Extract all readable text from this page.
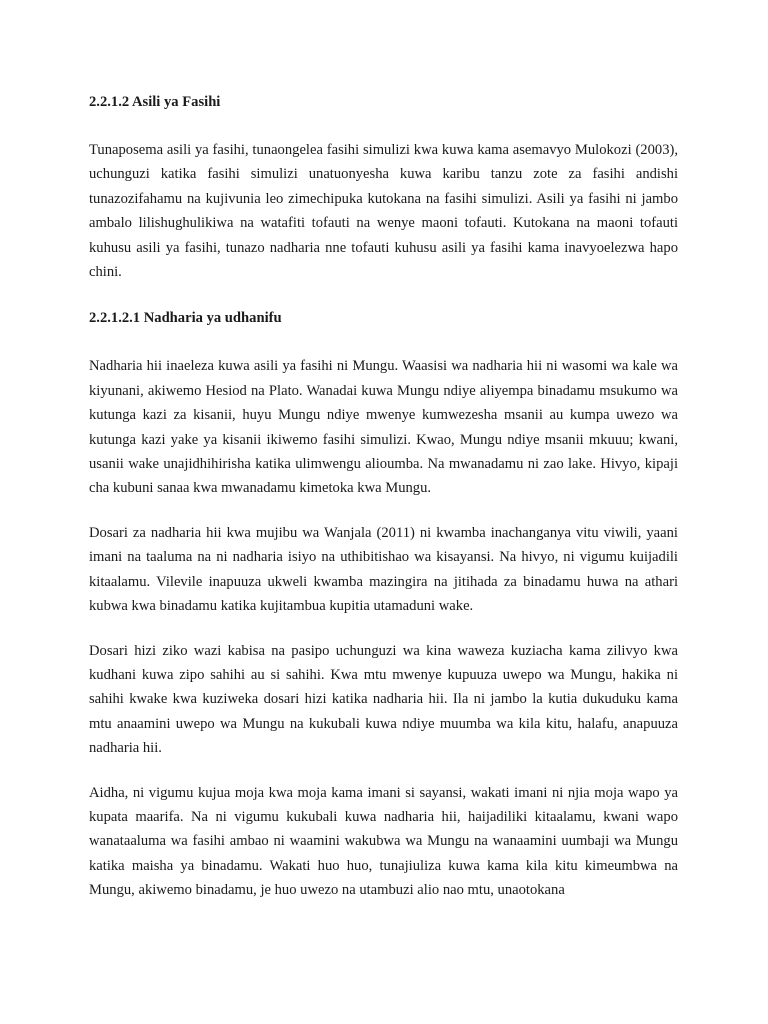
2.2.1.2 Asili ya Fasihi

Tunaposema asili ya fasihi, tunaongelea fasihi simulizi kwa kuwa kama asemavyo Mulokozi (2003), uchunguzi katika fasihi simulizi unatuonyesha kuwa karibu tanzu zote za fasihi andishi tunazozifahamu na kujivunia leo zimechipuka kutokana na fasihi simulizi. Asili ya fasihi ni jambo ambalo lilishughulikiwa na watafiti tofauti na wenye maoni tofauti. Kutokana na maoni tofauti kuhusu asili ya fasihi, tunazo nadharia nne tofauti kuhusu asili ya fasihi kama inavyoelezwa hapo chini.

2.2.1.2.1 Nadharia ya udhanifu

Nadharia hii inaeleza kuwa asili ya fasihi ni Mungu. Waasisi wa nadharia hii ni wasomi wa kale wa kiyunani, akiwemo Hesiod na Plato. Wanadai kuwa Mungu ndiye aliyempa binadamu msukumo wa kutunga kazi za kisanii, huyu Mungu ndiye mwenye kumwezesha msanii au kumpa uwezo wa kutunga kazi yake ya kisanii ikiwemo fasihi simulizi. Kwao, Mungu ndiye msanii mkuuu; kwani, usanii wake unajidhihirisha katika ulimwengu alioumba. Na mwanadamu ni zao lake. Hivyo, kipaji cha kubuni sanaa kwa mwanadamu kimetoka kwa Mungu.

Dosari za nadharia hii kwa mujibu wa Wanjala (2011) ni kwamba inachanganya vitu viwili, yaani imani na taaluma na ni nadharia isiyo na uthibitishao wa kisayansi. Na hivyo, ni vigumu kuijadili kitaalamu. Vilevile inapuuza ukweli kwamba mazingira na jitihada za binadamu huwa na athari kubwa kwa binadamu katika kujitambua kupitia utamaduni wake.

Dosari hizi ziko wazi kabisa na pasipo uchunguzi wa kina waweza kuziacha kama zilivyo kwa kudhani kuwa zipo sahihi au si sahihi. Kwa mtu mwenye kupuuza uwepo wa Mungu, hakika ni sahihi kwake kwa kuziweka dosari hizi katika nadharia hii. Ila ni jambo la kutia dukuduku kama mtu anaamini uwepo wa Mungu na kukubali kuwa ndiye muumba wa kila kitu, halafu, anapuuza nadharia hii.

Aidha, ni vigumu kujua moja kwa moja kama imani si sayansi, wakati imani ni njia moja wapo ya kupata maarifa. Na ni vigumu kukubali kuwa nadharia hii, haijadiliki kitaalamu, kwani wapo wanataaluma wa fasihi ambao ni waamini wakubwa wa Mungu na wanaamini uumbaji wa Mungu katika maisha ya binadamu. Wakati huo huo, tunajiuliza kuwa kama kila kitu kimeumbwa na Mungu, akiwemo binadamu, je huo uwezo na utambuzi alio nao mtu, unaotokana
